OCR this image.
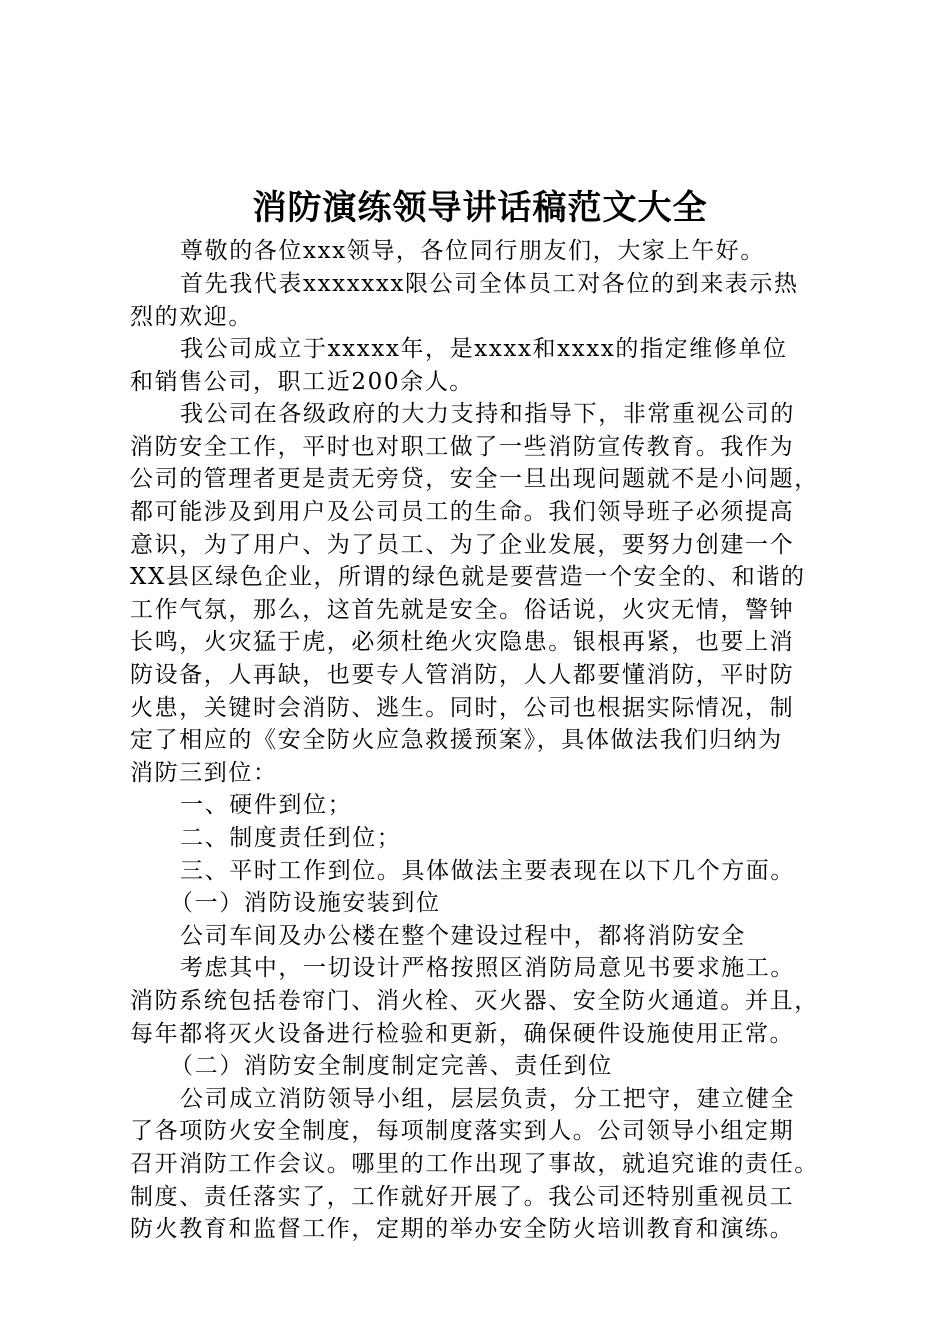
消防演练领导讲话稿范文大全
尊敬的各位xxx领导，各位同行朋友们，大家上午好。
首先我代表xxxxxxx限公司全体员工对各位的到来表示热
烈的欢迎。
我公司成立于xxxxx年，是xxxx和xxxx的指定维修单位
和销售公司，职工近200余人。
我公司在各级政府的大力支持和指导下，非常重视公司的
消防安全工作，平时也对职工做了一些消防宣传教育。我作为
公司的管理者更是责无旁贷，安全一旦出现问题就不是小问题，
都可能涉及到用户及公司员工的生命。我们领导班子必须提高
意识，为了用户、为了员工、为了企业发展，要努力创建一个
XX县区绿色企业，所谓的绿色就是要营造一个安全的、和谐的
工作气氛，那么，这首先就是安全。俗话说，火灾无情，警钟
长鸣，火灾猛于虎，必须杜绝火灾隐患。银根再紧，也要上消
防设备，人再缺，也要专人管消防，人人都要懂消防，平时防
火患，关键时会消防、逃生。同时，公司也根据实际情况，制
定了相应的《安全防火应急救援预案》，具体做法我们归纳为
消防三到位：
一、硬件到位；
二、制度责任到位；
三、平时工作到位。具体做法主要表现在以下几个方面。
（一）消防设施安装到位
公司车间及办公楼在整个建设过程中，都将消防安全
考虑其中，一切设计严格按照区消防局意见书要求施工。
消防系统包括卷帘门、消火栓、灭火器、安全防火通道。并且，
每年都将灭火设备进行检验和更新，确保硬件设施使用正常。
（二）消防安全制度制定完善、责任到位
公司成立消防领导小组，层层负责，分工把守，建立健全
了各项防火安全制度，每项制度落实到人。公司领导小组定期
召开消防工作会议。哪里的工作出现了事故，就追究谁的责任。
制度、责任落实了，工作就好开展了。我公司还特别重视员工
防火教育和监督工作，定期的举办安全防火培训教育和演练。
